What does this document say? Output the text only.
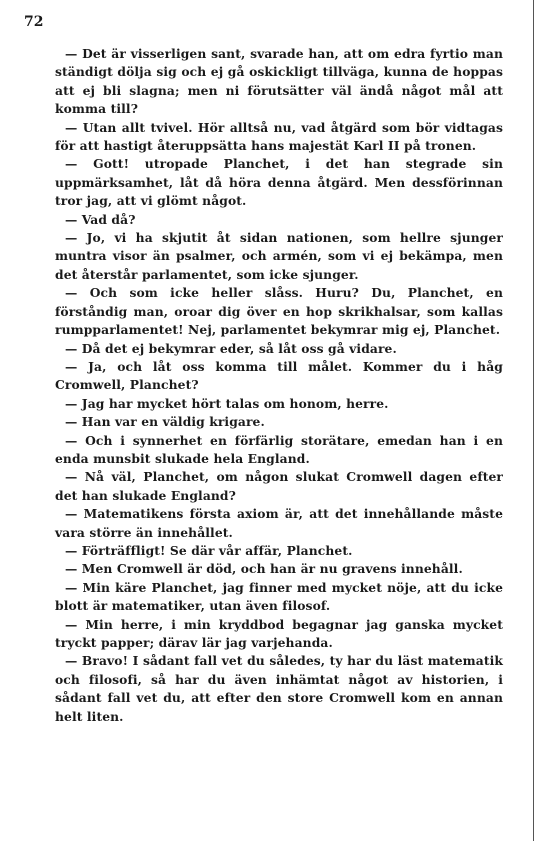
72

— Det är visserligen sant, svarade han, att om edra fyrtio man ständigt dölja sig och ej gå oskickligt tillväga, kunna de hoppas att ej bli slagna; men ni förutsätter väl ändå något mål att komma till?

— Utan allt tvivel. Hör alltså nu, vad åtgärd som bör vidtagas för att hastigt återuppsätta hans majestät Karl II på tronen.

— Gott! utropade Planchet, i det han stegrade sin uppmärksamhet, låt då höra denna åtgärd. Men dessförinnan tror jag, att vi glömt något.

— Vad då?

— Jo, vi ha skjutit åt sidan nationen, som hellre sjunger muntra visor än psalmer, och armén, som vi ej bekämpa, men det återstår parlamentet, som icke sjunger.

— Och som icke heller slåss. Huru? Du, Planchet, en förståndig man, oroar dig över en hop skrikhalsar, som kallas rumpparlamentet! Nej, parlamentet bekymrar mig ej, Planchet.

— Då det ej bekymrar eder, så låt oss gå vidare.

— Ja, och låt oss komma till målet. Kommer du i håg Cromwell, Planchet?

— Jag har mycket hört talas om honom, herre.

— Han var en väldig krigare.

— Och i synnerhet en förfärlig storätare, emedan han i en enda munsbit slukade hela England.

— Nå väl, Planchet, om någon slukat Cromwell dagen efter det han slukade England?

— Matematikens första axiom är, att det innehållande måste vara större än innehållet.

— Förträffligt! Se där vår affär, Planchet.

— Men Cromwell är död, och han är nu gravens innehåll.

— Min käre Planchet, jag finner med mycket nöje, att du icke blott är matematiker, utan även filosof.

— Min herre, i min kryddbod begagnar jag ganska mycket tryckt papper; därav lär jag varjehanda.

— Bravo! I sådant fall vet du således, ty har du läst matematik och filosofi, så har du även inhämtat något av historien, i sådant fall vet du, att efter den store Cromwell kom en annan helt liten.
